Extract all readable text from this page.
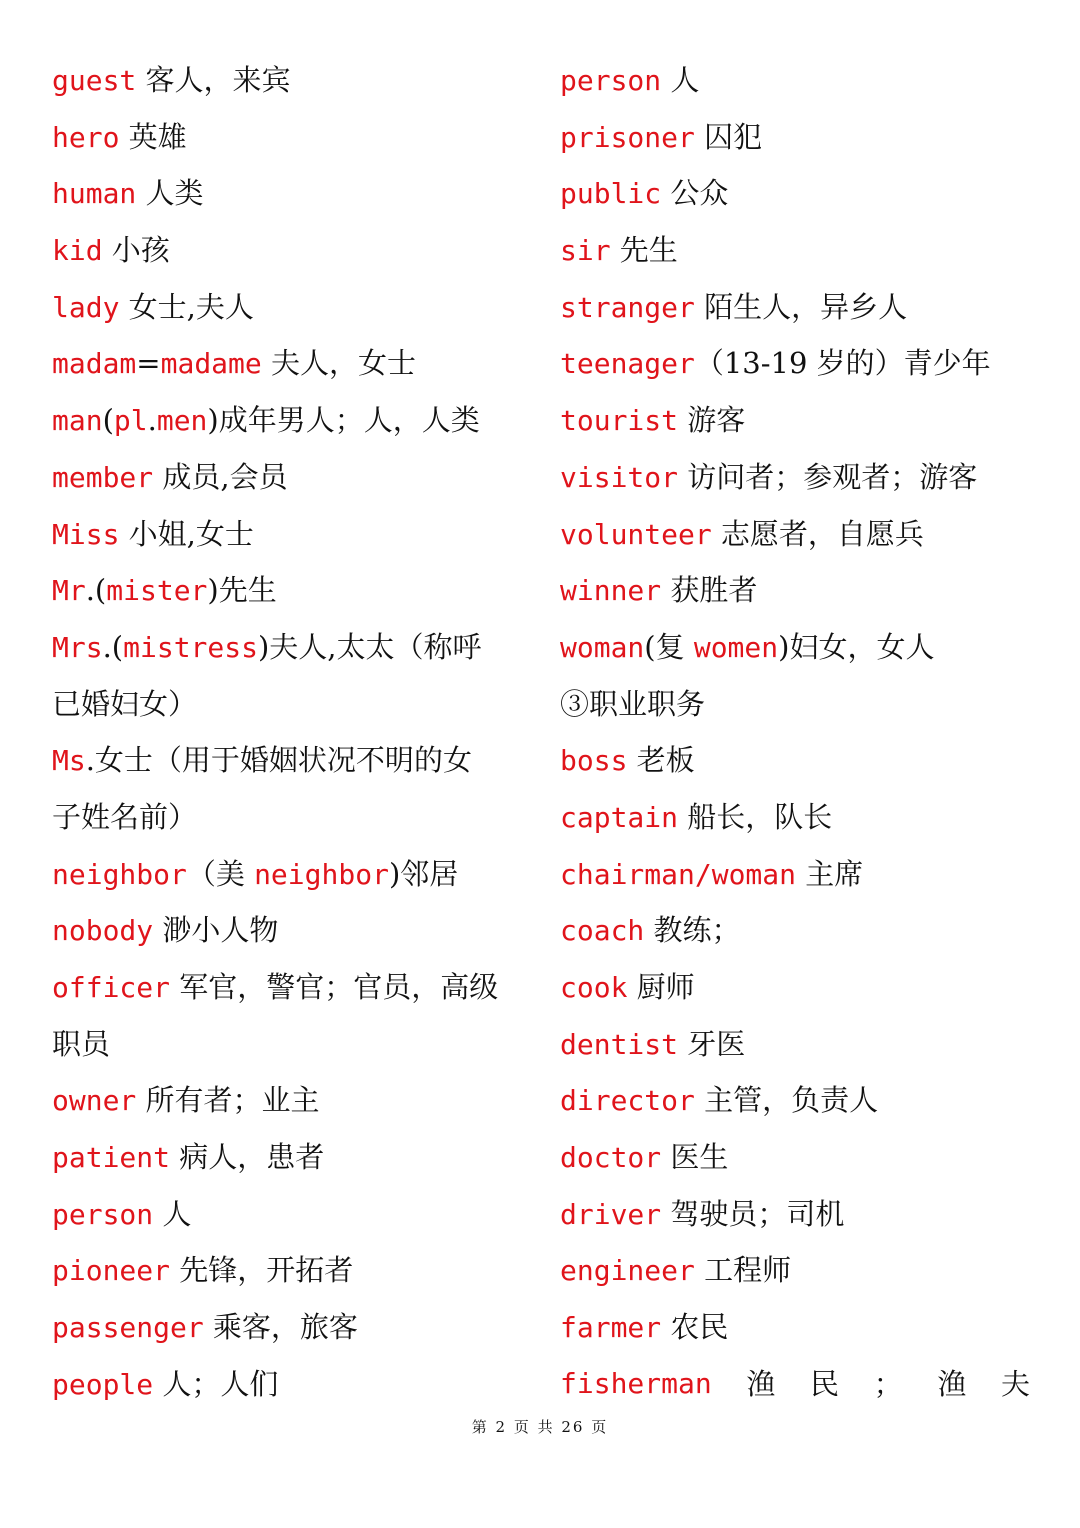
guest 客人，来宾
hero 英雄
human 人类
kid 小孩
lady 女士,夫人
madam=madame 夫人，女士
man(pl.men)成年男人；人，人类
member 成员,会员
Miss 小姐,女士
Mr.(mister)先生
Mrs.(mistress)夫人,太太（称呼
已婚妇女）
Ms.女士（用于婚姻状况不明的女
子姓名前）
neighbor（美 neighbor)邻居
nobody 渺小人物
officer 军官，警官；官员，高级
职员
owner 所有者；业主
patient 病人，患者
person 人
pioneer 先锋，开拓者
passenger 乘客，旅客
people 人；人们
person 人
prisoner 囚犯
public 公众
sir 先生
stranger 陌生人，异乡人
teenager（13-19 岁的）青少年
tourist 游客
visitor 访问者；参观者；游客
volunteer 志愿者，自愿兵
winner 获胜者
woman(复 women)妇女，女人
③职业职务
boss 老板
captain 船长，队长
chairman/woman 主席
coach 教练；
cook 厨师
dentist 牙医
director 主管，负责人
doctor 医生
driver 驾驶员；司机
engineer 工程师
farmer 农民
fisherman 渔 民 ； 渔 夫
第 2 页 共 26 页
